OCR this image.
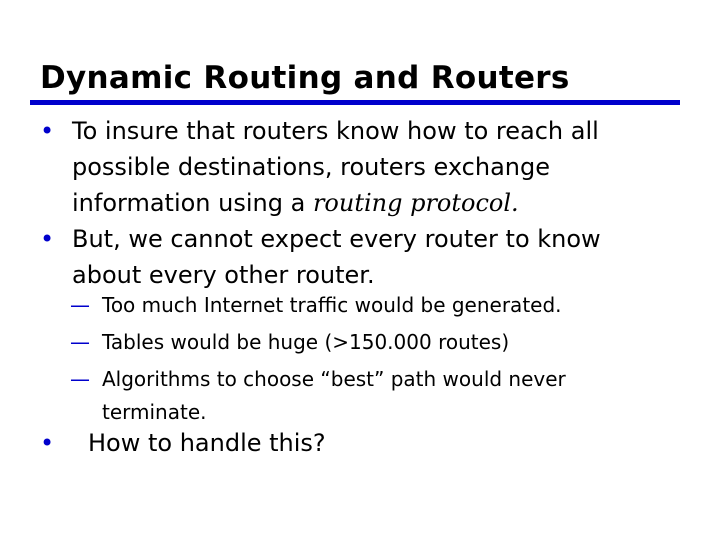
Dynamic Routing and Routers
• To insure that routers know how to reach all possible destinations, routers exchange information using a routing protocol.
• But, we cannot expect every router to know about every other router.
— Too much Internet traffic would be generated.
— Tables would be huge (>150.000 routes)
— Algorithms to choose “best” path would never terminate.
• How to handle this?
